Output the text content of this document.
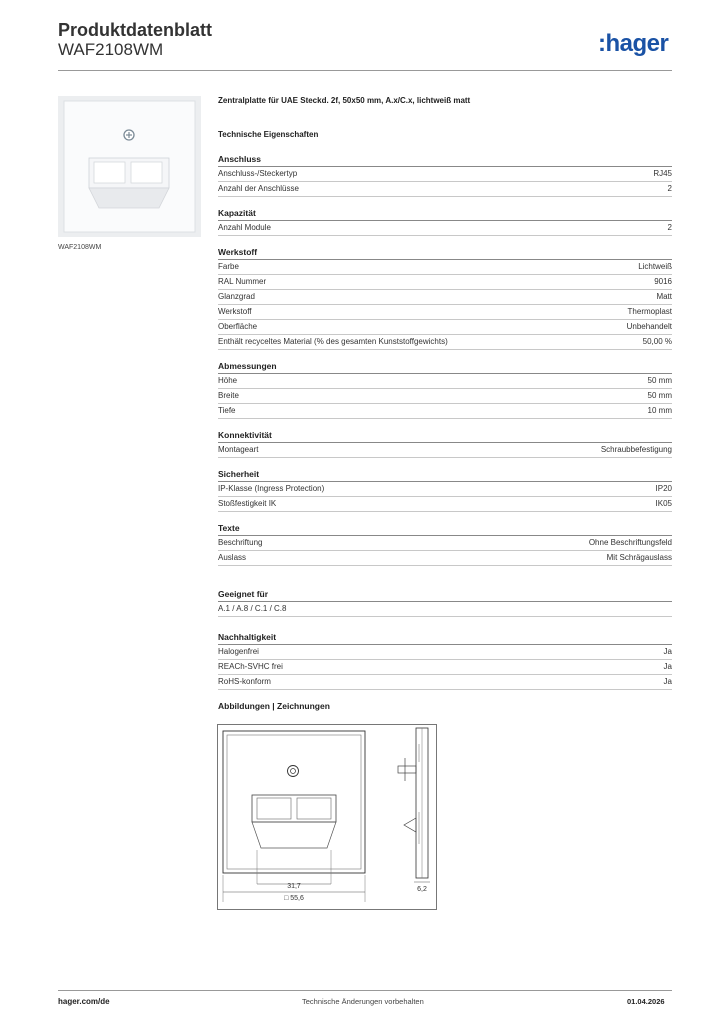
Produktdatenblatt
WAF2108WM	:hager
WAF2108WM
Zentralplatte für UAE Steckd. 2f, 50x50 mm, A.x/C.x, lichtweiß matt
Technische Eigenschaften
Anschluss
Anschluss-/Steckertyp	RJ45
Anzahl der Anschlüsse	2
Kapazität
Anzahl Module	2
Werkstoff
Farbe	Lichtweiß
RAL Nummer	9016
Glanzgrad	Matt
Werkstoff	Thermoplast
Oberfläche	Unbehandelt
Enthält recyceltes Material (% des gesamten Kunststoffgewichts)	50,00 %
Abmessungen
Höhe	50 mm
Breite	50 mm
Tiefe	10 mm
Konnektivität
Montageart	Schraubbefestigung
Sicherheit
IP-Klasse (Ingress Protection)	IP20
Stoßfestigkeit IK	IK05
Texte
Beschriftung	Ohne Beschriftungsfeld
Auslass	Mit Schrägauslass
Geeignet für
A.1 / A.8 / C.1 / C.8
Nachhaltigkeit
Halogenfrei	Ja
REACh-SVHC frei	Ja
RoHS-konform	Ja
Abbildungen | Zeichnungen
31,7
□ 55,6
6,2
hager.com/de	Technische Änderungen vorbehalten	01.04.2026
